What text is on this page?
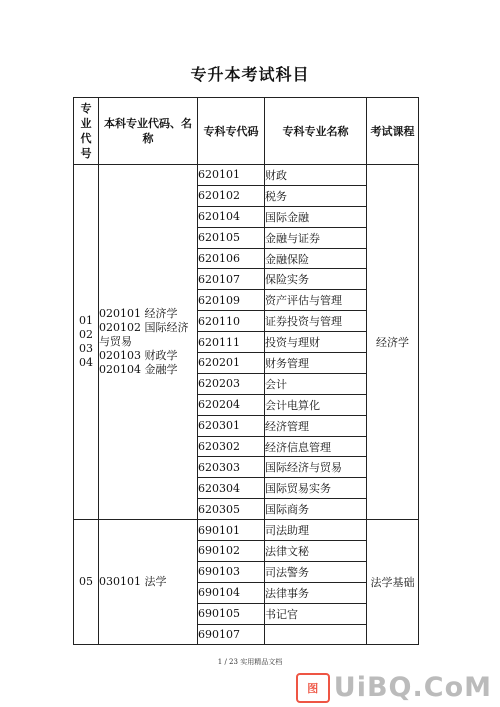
专升本考试科目
专
业
代
号	本科专业代码、名称	专科专代码	专科专业名称	考试课程

01
02
03
04	020101 经济学
020102 国际经济
与贸易
020103 财政学
020104 金融学	620101	财政	经济学
		620102	税务	
		620104	国际金融	
		620105	金融与证券	
		620106	金融保险	
		620107	保险实务	
		620109	资产评估与管理	
		620110	证券投资与管理	
		620111	投资与理财	
		620201	财务管理	
		620203	会计	
		620204	会计电算化	
		620301	经济管理	
		620302	经济信息管理	
		620303	国际经济与贸易	
		620304	国际贸易实务	
		620305	国际商务	

05	030101 法学	690101	司法助理	法学基础
		690102	法律文秘	
		690103	司法警务	
		690104	法律事务	
		690105	书记官	
		690107		
1 / 23 实用精品文档
图 UiBQ.CoM
